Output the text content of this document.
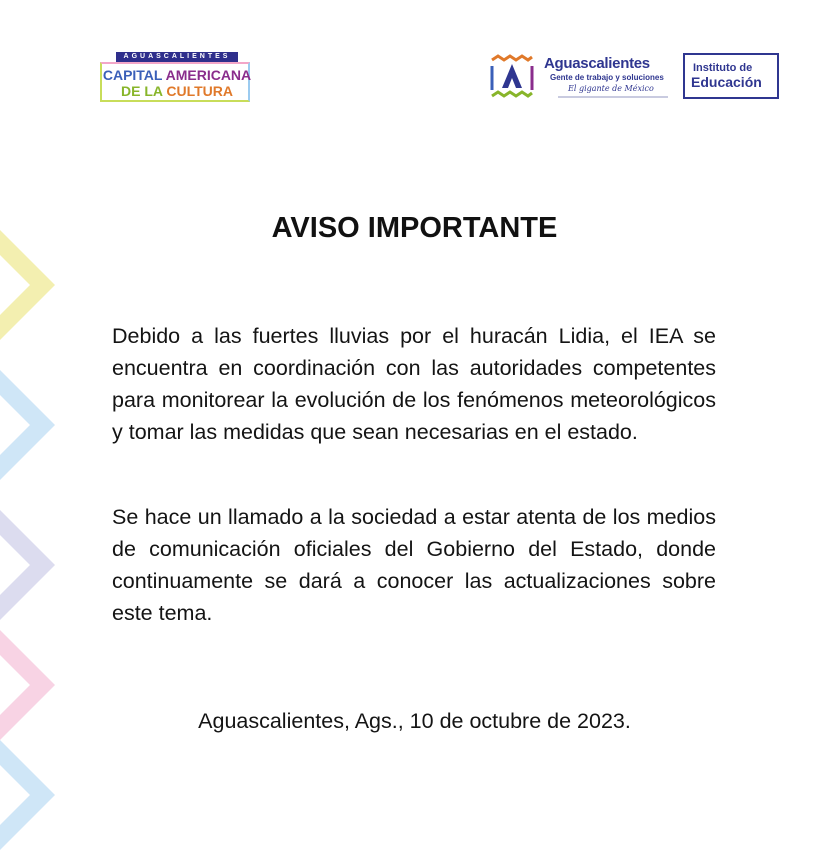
AGUASCALIENTES
CAPITAL AMERICANA
DE LA CULTURA
Aguascalientes
Gente de trabajo y soluciones
El gigante de México
Instituto de
Educación
AVISO IMPORTANTE

Debido a las fuertes lluvias por el huracán Lidia, el IEA se encuentra en coordinación con las autoridades competentes para monitorear la evolución de los fenómenos meteorológicos y tomar las medidas que sean necesarias en el estado.

Se hace un llamado a la sociedad a estar atenta de los medios de comunicación oficiales del Gobierno del Estado, donde continuamente se dará a conocer las actualizaciones sobre este tema.

Aguascalientes, Ags., 10 de octubre de 2023.
